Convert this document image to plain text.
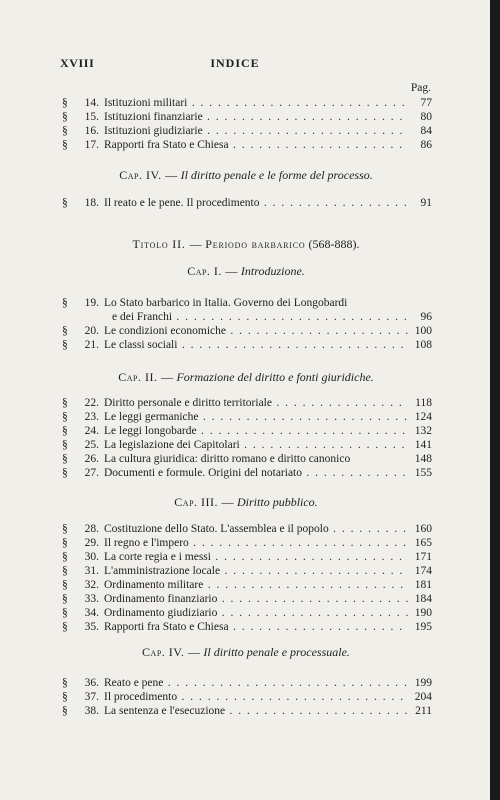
XVIII	INDICE
Pag.
§	14. Istituzioni militari . . .	77
§	15. Istituzioni finanziarie . . .	80
§	16. Istituzioni giudiziarie . . .	84
§	17. Rapporti fra Stato e Chiesa . . .	86
Cap. IV. — Il diritto penale e le forme del processo.
§	18. Il reato e le pene. Il procedimento . . .	91
Titolo II. — Periodo barbarico (568-888).
Cap. I. — Introduzione.
§	19. Lo Stato barbarico in Italia. Governo dei Longobardi
e dei Franchi . . .	96
§	20. Le condizioni economiche . . .	100
§	21. Le classi sociali . . .	108
Cap. II. — Formazione del diritto e fonti giuridiche.
§	22. Diritto personale e diritto territoriale . . .	118
§	23. Le leggi germaniche . . .	124
§	24. Le leggi longobarde . . .	132
§	25. La legislazione dei Capitolari . . .	141
§	26. La cultura giuridica: diritto romano e diritto canonico	148
§	27. Documenti e formule. Origini del notariato . . .	155
Cap. III. — Diritto pubblico.
§	28. Costituzione dello Stato. L'assemblea e il popolo . . .	160
§	29. Il regno e l'impero . . .	165
§	30. La corte regia e i messi . . .	171
§	31. L'amministrazione locale . . .	174
§	32. Ordinamento militare . . .	181
§	33. Ordinamento finanziario . . .	184
§	34. Ordinamento giudiziario . . .	190
§	35. Rapporti fra Stato e Chiesa . . .	195
Cap. IV. — Il diritto penale e processuale.
§	36. Reato e pene . . .	199
§	37. Il procedimento . . .	204
§	38. La sentenza e l'esecuzione . . .	211
